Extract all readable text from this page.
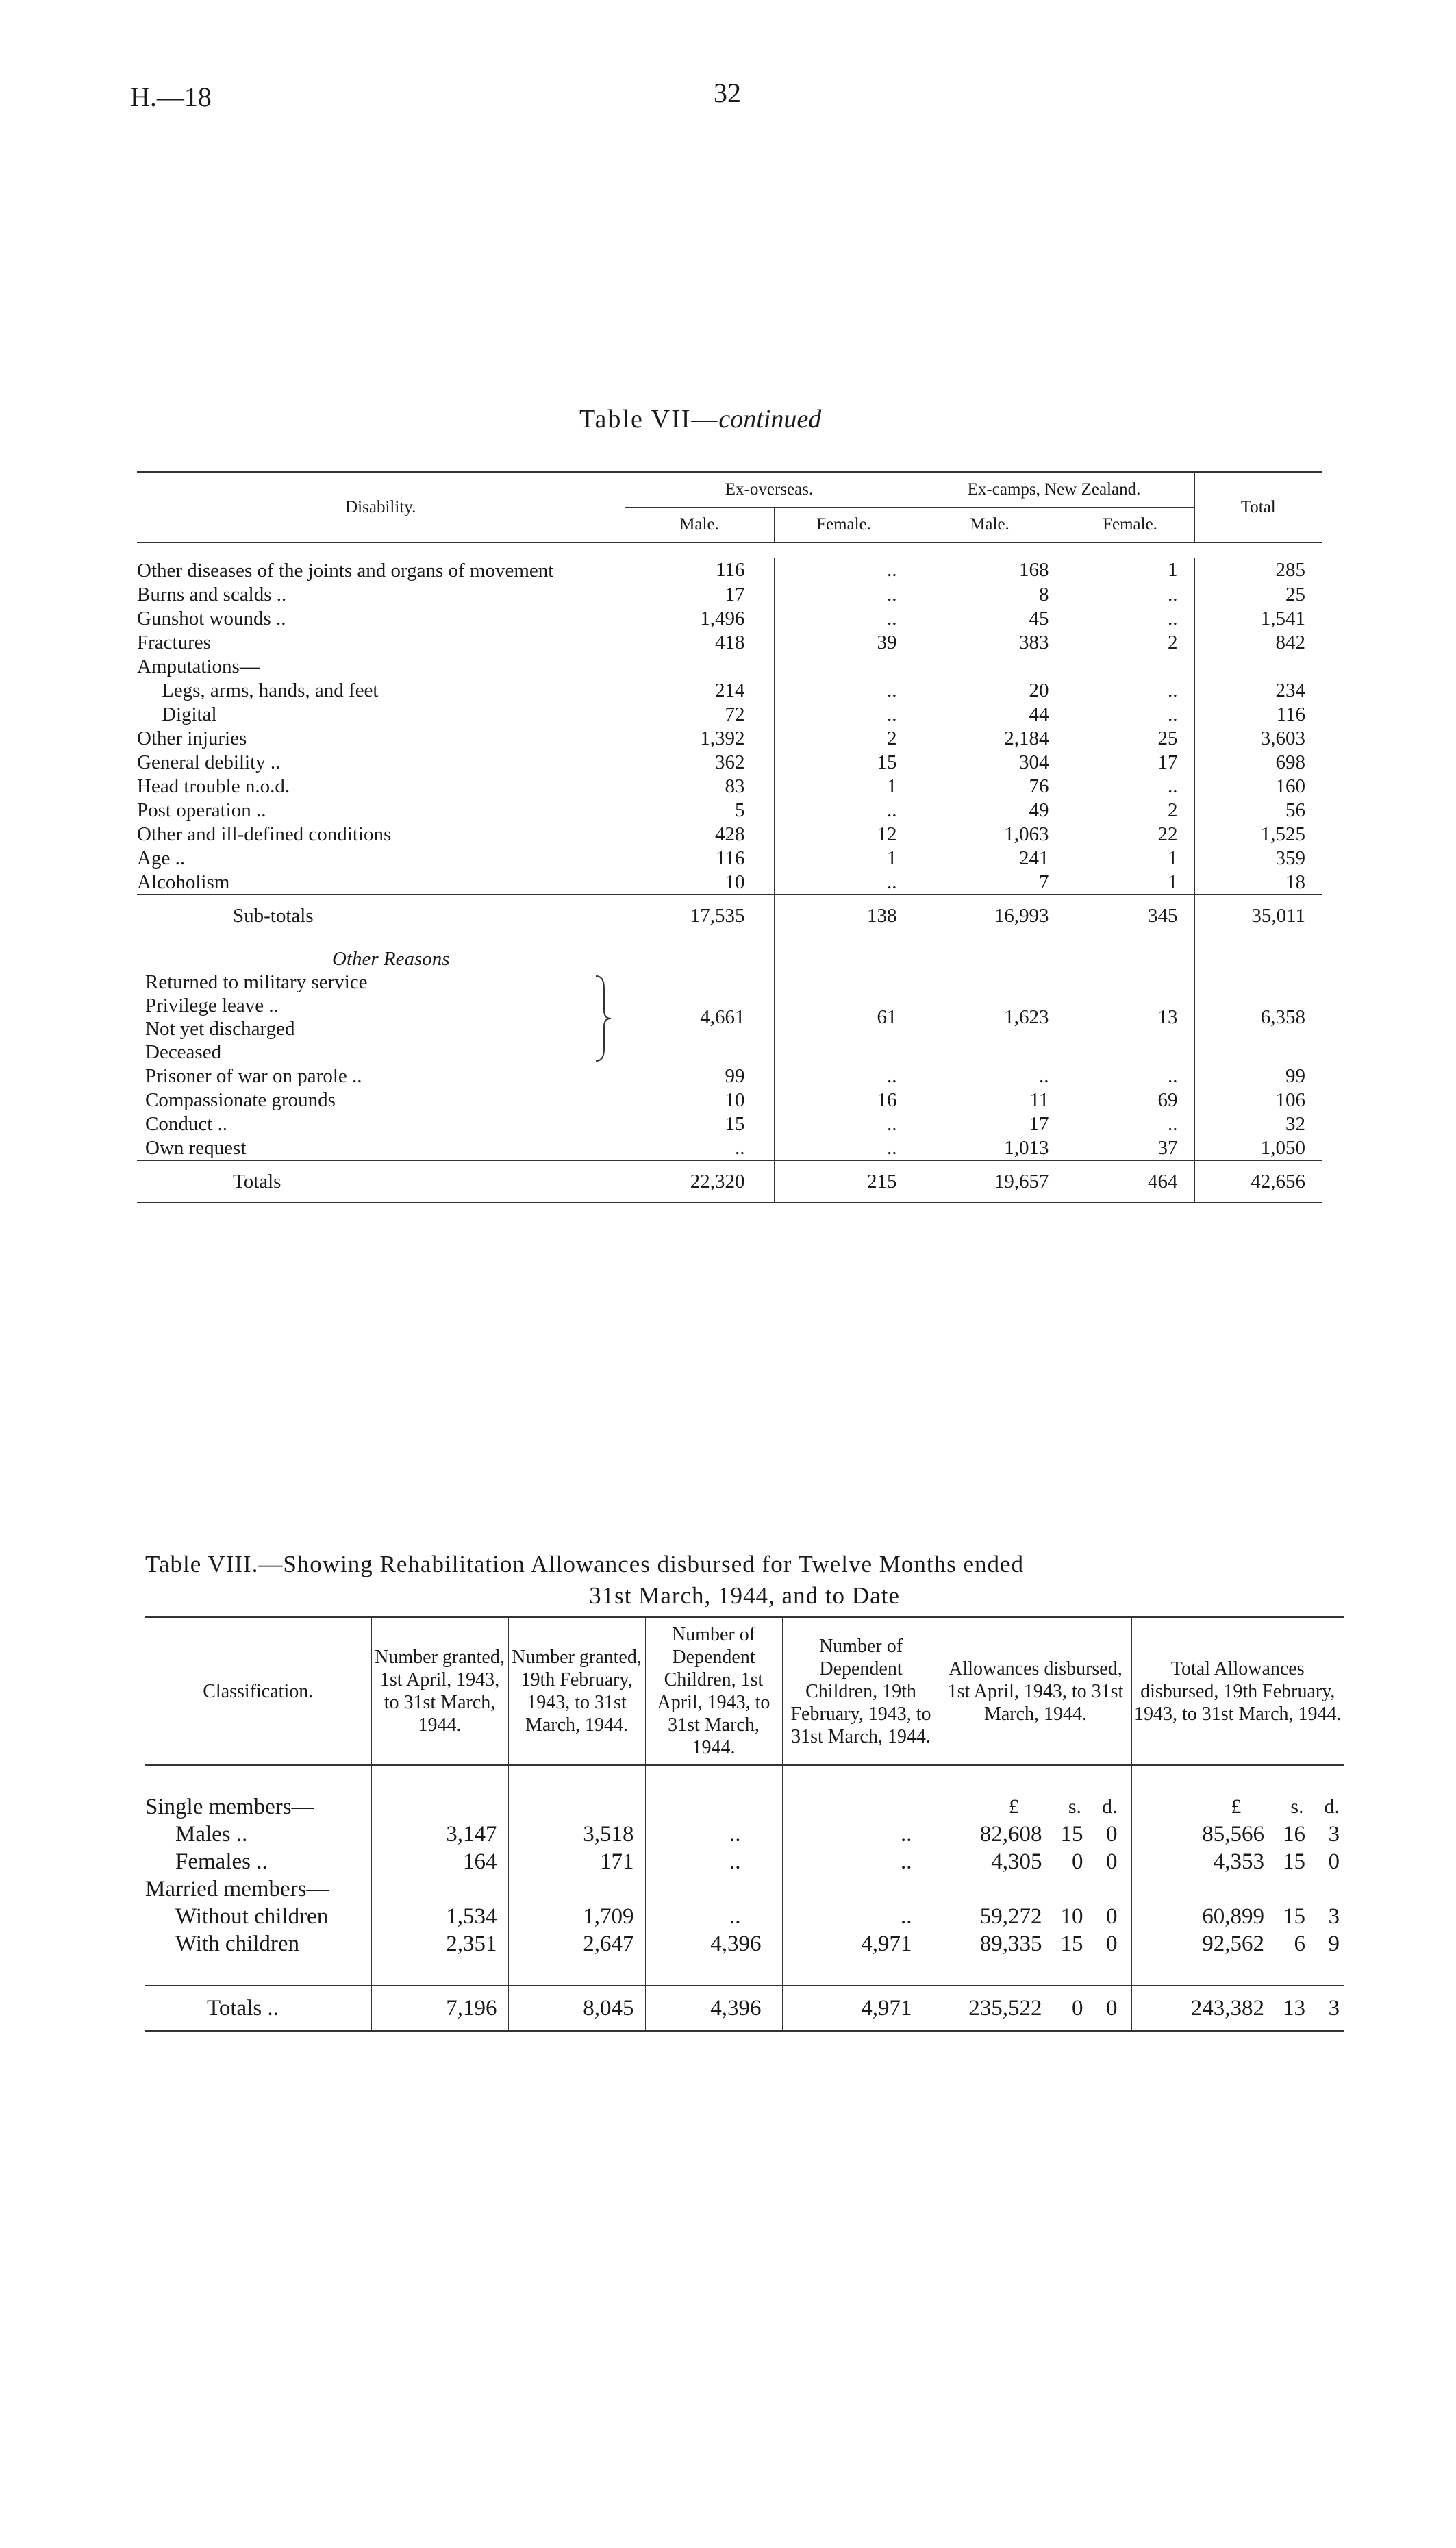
H.—18	32
Table VII—continued
Disability.	Ex-overseas.		Ex-camps, New Zealand.		Total
	Male.	Female.	Male.	Female.	

Other diseases of the joints and organs of movement	116	..	168	1	285
Burns and scalds ..	17	..	8	..	25
Gunshot wounds ..	1,496	..	45	..	1,541
Fractures	418	39	383	2	842
Amputations—					
Legs, arms, hands, and feet	214	..	20	..	234
Digital	72	..	44	..	116
Other injuries	1,392	2	2,184	25	3,603
General debility ..	362	15	304	17	698
Head trouble n.o.d.	83	1	76	..	160
Post operation ..	5	..	49	2	56
Other and ill-defined conditions	428	12	1,063	22	1,525
Age ..	116	1	241	1	359
Alcoholism	10	..	7	1	18
Sub-totals	17,535	138	16,993	345	35,011
Other Reasons					

Returned to military service
Privilege leave ..
Not yet discharged
Deceased	4,661	61	1,623	13	6,358
Prisoner of war on parole ..	99	..	..	..	99
Compassionate grounds	10	16	11	69	106
Conduct ..	15	..	17	..	32
Own request	..	..	1,013	37	1,050
Totals	22,320	215	19,657	464	42,656
Table VIII.—Showing Rehabilitation Allowances disbursed for Twelve Months ended
31st March, 1944, and to Date
Classification.	Number granted, 1st April, 1943, to 31st March, 1944.	Number granted, 19th February, 1943, to 31st March, 1944.	Number of Dependent Children, 1st April, 1943, to 31st March, 1944.	Number of Dependent Children, 19th February, 1943, to 31st March, 1944.	Allowances disbursed, 1st April, 1943, to 31st March, 1944.	Total Allowances disbursed, 19th February, 1943, to 31st March, 1944.

Single members—					£ s. d.	£ s. d.
Males ..	3,147	3,518	..	..	82,608 15 0	85,566 16 3
Females ..	164	171	..	..	4,305 0 0	4,353 15 0
Married members—						
Without children	1,534	1,709	..	..	59,272 10 0	60,899 15 3
With children	2,351	2,647	4,396	4,971	89,335 15 0	92,562 6 9

Totals ..	7,196	8,045	4,396	4,971	235,522 0 0	243,382 13 3
